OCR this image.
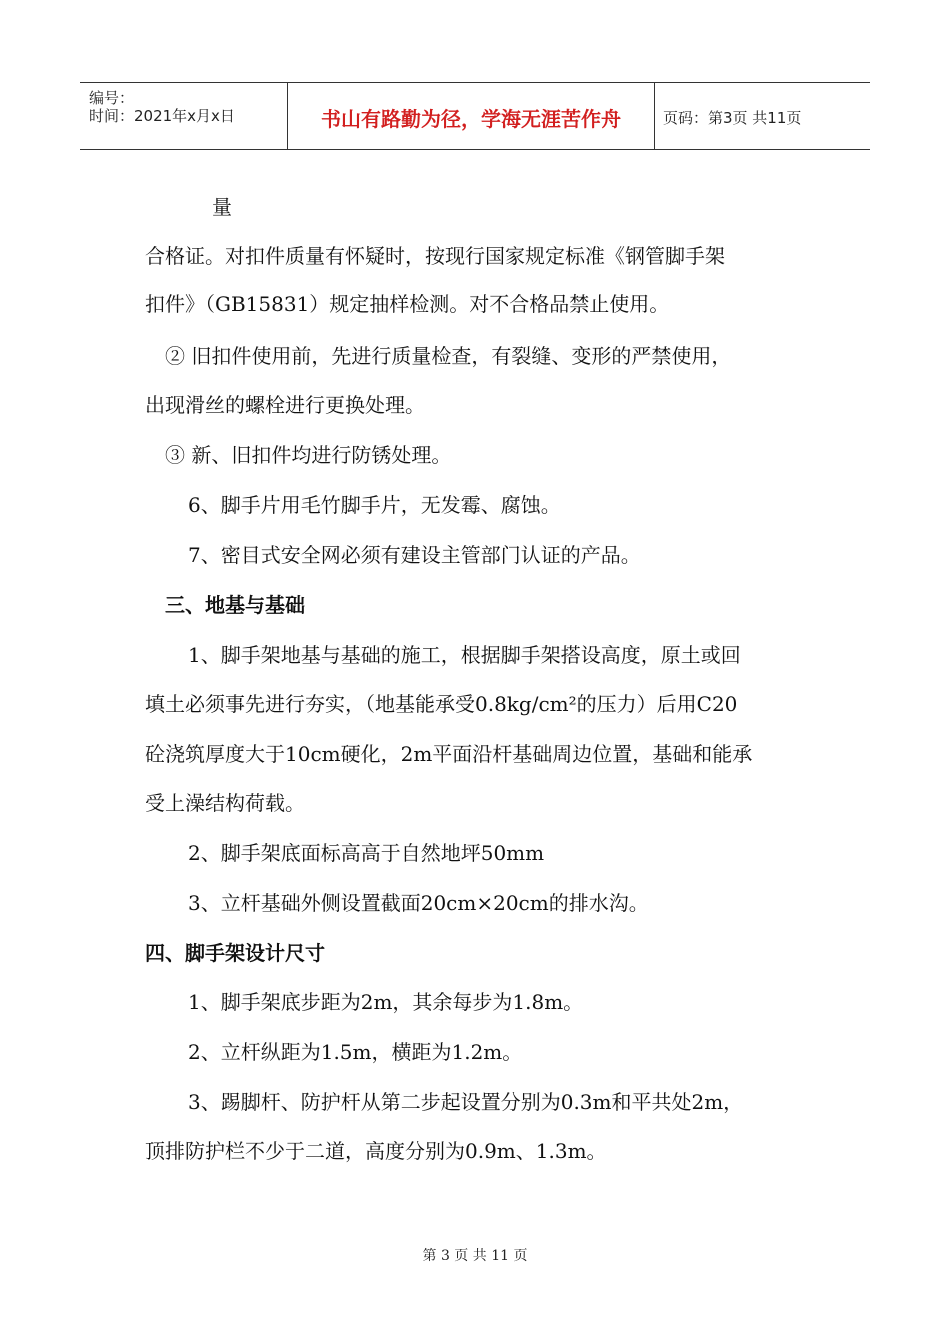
编号：
时间：2021年x月x日	书山有路勤为径，学海无涯苦作舟	页码：第3页 共11页
量
合格证。对扣件质量有怀疑时，按现行国家规定标准《钢管脚手架
扣件》（GB15831）规定抽样检测。对不合格品禁止使用。
② 旧扣件使用前，先进行质量检查，有裂缝、变形的严禁使用，
出现滑丝的螺栓进行更换处理。
③ 新、旧扣件均进行防锈处理。
6、脚手片用毛竹脚手片，无发霉、腐蚀。
7、密目式安全网必须有建设主管部门认证的产品。
三、地基与基础
1、脚手架地基与基础的施工，根据脚手架搭设高度，原土或回
填土必须事先进行夯实，（地基能承受0.8kg/cm²的压力）后用C20
砼浇筑厚度大于10cm硬化，2m平面沿杆基础周边位置，基础和能承
受上澡结构荷载。
2、脚手架底面标高高于自然地坪50mm
3、立杆基础外侧设置截面20cm×20cm的排水沟。
四、脚手架设计尺寸
1、脚手架底步距为2m，其余每步为1.8m。
2、立杆纵距为1.5m，横距为1.2m。
3、踢脚杆、防护杆从第二步起设置分别为0.3m和平共处2m，
顶排防护栏不少于二道，高度分别为0.9m、1.3m。
第 3 页 共 11 页
